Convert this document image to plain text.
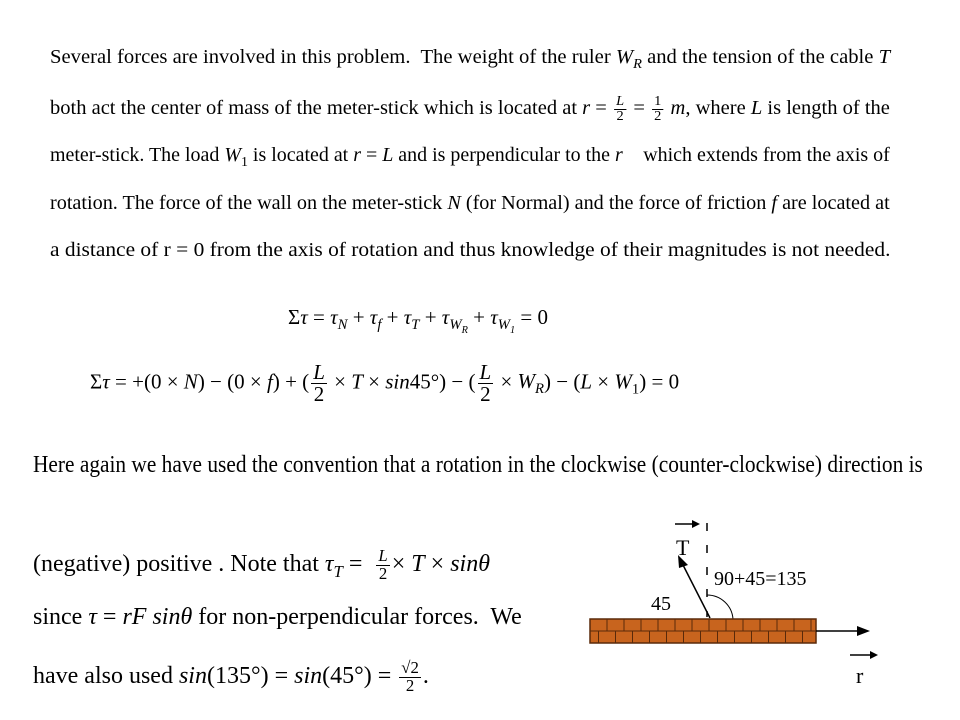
Several forces are involved in this problem.  The weight of the ruler $W_R$ and the tension of the cable T
both act the center of mass of the meter-stick which is located at $r = \frac{L}{2} = \frac{1}{2} m$, where L is length of the
meter-stick. The load $W_1$ is located at r = L and is perpendicular to the r⃗ which extends from the axis of
rotation. The force of the wall on the meter-stick N (for Normal) and the force of friction f are located at
a distance of r = 0 from the axis of rotation and thus knowledge of their magnitudes is not needed.
$\Sigma\tau = \tau_N + \tau_f + \tau_T + \tau_{W_R} + \tau_{W_1} = 0$
Στ = +(0 × N) − (0 × f) + ( $\frac{L}{2} \times T \times \sin 45^\circ$) − ( $\frac{L}{2} \times W_R) - (L \times W_1) = 0$
Here again we have used the convention that a rotation in the clockwise (counter-clockwise) direction is
(negative) positive . Note that $\tau_T = \frac{L}{2} \times T \times \sin\theta$
since τ = rF sinθ for non-perpendicular forces.  We
have also used $\sin(135^\circ) = \sin(45^\circ) = \frac{√2}{2}$ .
T
45
90+45=135
r
